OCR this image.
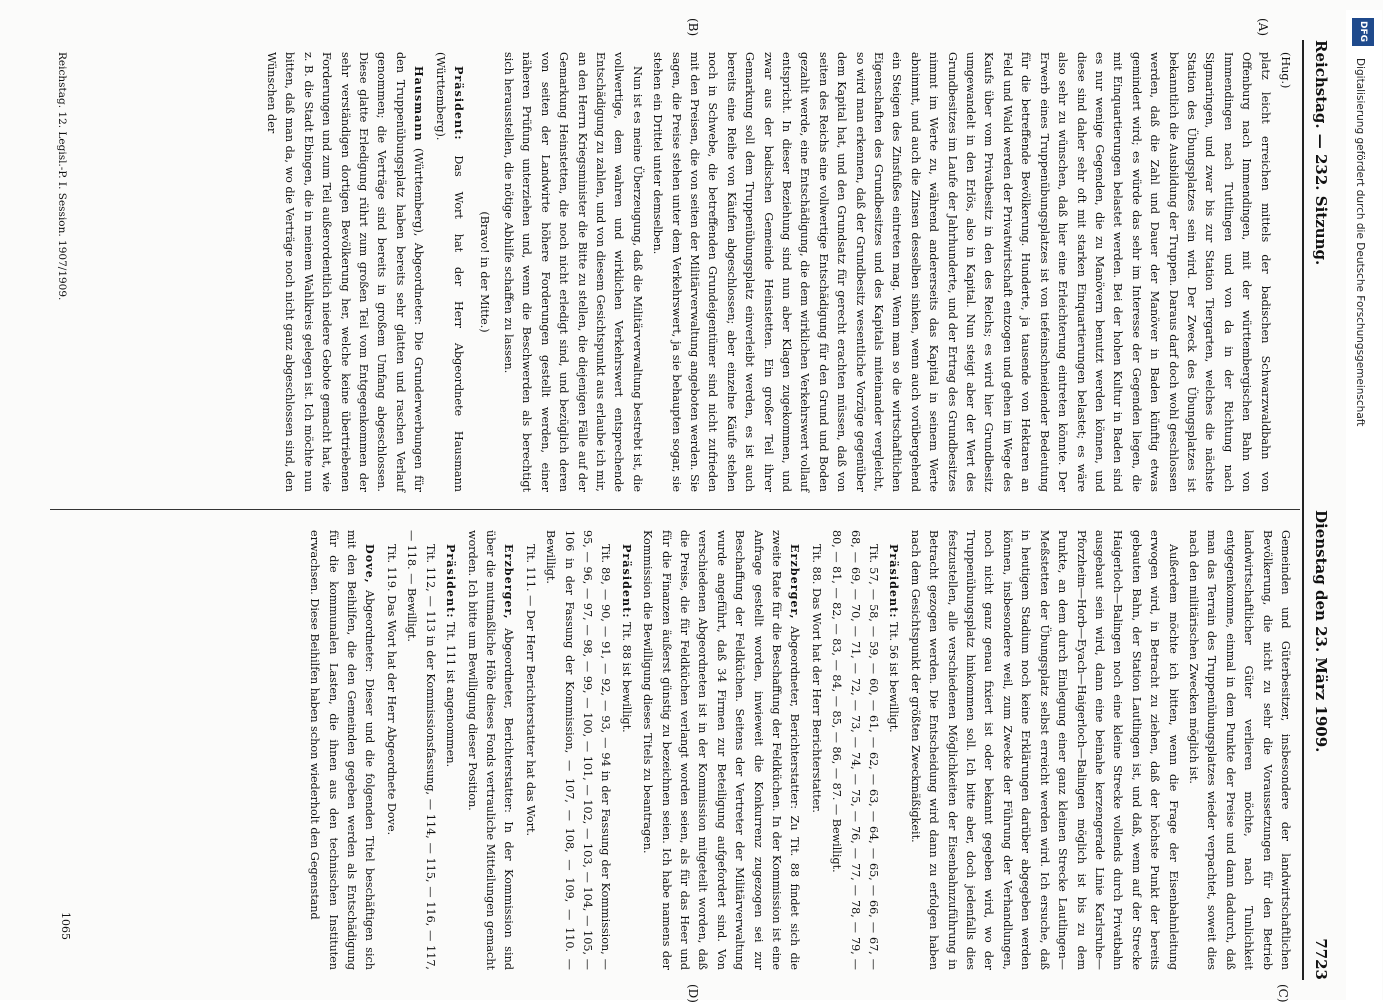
Reichstag. — 232. Sitzung.
Dienstag den 23. März 1909.
7723
(A)
(B)
(C)
(D)

(Hug.)

platz leicht erreichen mittels der badischen Schwarzwaldbahn von Offenburg nach Immendingen, mit der württembergischen Bahn von Immendingen nach Tuttlingen und von da in der Richtung nach Sigmaringen, und zwar bis zur Station Tiergarten, welches die nächste Station des Übungsplatzes sein wird. Der Zweck des Übungsplatzes ist bekanntlich die Ausbildung der Truppen. Daraus darf doch wohl geschlossen werden, daß die Zahl und Dauer der Manöver in Baden künftig etwas gemindert wird; es würde das sehr im Interesse der Gegenden liegen, die mit Einquartierungen belastet werden. Bei der hohen Kultur in Baden sind es nur wenige Gegenden, die zu Manövern benutzt werden können, und diese sind daher sehr oft mit starken Einquartierungen belastet; es wäre also sehr zu wünschen, daß hier eine Erleichterung eintreten könnte. Der Erwerb eines Truppenübungsplatzes ist von tiefeinschneidender Bedeutung für die betreffende Bevölkerung. Hunderte, ja tausende von Hektaren an Feld und Wald werden der Privatwirtschaft entzogen und gehen im Wege des Kaufs über vom Privatbesitz in den des Reichs; es wird hier Grundbesitz umgewandelt in den Erlös, also in Kapital. Nun steigt aber der Wert des Grundbesitzes im Laufe der Jahrhunderte, und der Ertrag des Grundbesitzes nimmt im Werte zu, während andererseits das Kapital in seinem Werte abnimmt, und auch die Zinsen desselben sinken, wenn auch vorübergehend ein Steigen des Zinsfußes eintreten mag. Wenn man so die wirtschaftlichen Eigenschaften des Grundbesitzes und des Kapitals miteinander vergleicht, so wird man erkennen, daß der Grundbesitz wesentliche Vorzüge gegenüber dem Kapital hat, und den Grundsatz für gerecht erachten müssen, daß von seiten des Reichs eine vollwertige Entschädigung für den Grund und Boden gezahlt werde, eine Entschädigung, die dem wirklichen Verkehrswert vollauf entspricht. In dieser Beziehung sind nun aber Klagen zugekommen, und zwar aus der badischen Gemeinde Heinstetten. Ein großer Teil ihrer Gemarkung soll dem Truppenübungsplatz einverleibt werden, es ist auch bereits eine Reihe von Käufen abgeschlossen; aber einzelne Käufe stehen noch in Schwebe, die betreffenden Grundeigentümer sind nicht zufrieden mit den Preisen, die von seiten der Militärverwaltung angeboten werden. Sie sagen, die Preise stehen unter dem Verkehrswert, ja sie behaupten sogar, sie stehen ein Drittel unter demselben.

Nun ist es meine Überzeugung, daß die Militärverwaltung bestrebt ist, die vollwertige, dem wahren und wirklichen Verkehrswert entsprechende Entschädigung zu zahlen, und von diesem Gesichtspunkt aus erlaube ich mir, an den Herrn Kriegsminister die Bitte zu stellen, die diejenigen Fälle auf der Gemarkung Heinstetten, die noch nicht erledigt sind, und bezüglich deren von seiten der Landwirte höhere Forderungen gestellt werden, einer näheren Prüfung unterziehen und, wenn die Beschwerden als berechtigt sich herausstellen, die nötige Abhilfe schaffen zu lassen.

(Bravo! in der Mitte.)

Präsident: Das Wort hat der Herr Abgeordnete Hausmann (Württemberg).

Hausmann (Württemberg), Abgeordneter: Die Grunderwerbungen für den Truppenübungsplatz haben bereits sehr glatten und raschen Verlauf genommen; die Verträge sind bereits in großem Umfang abgeschlossen. Diese glatte Erledigung rührt zum großen Teil vom Entgegenkommen der sehr verständigen dortigen Bevölkerung her, welche keine übertriebenen Forderungen und zum Teil außerordentlich niedere Gebote gemacht hat, wie z. B. die Stadt Ebingen, die in meinem Wahlkreis gelegen ist. Ich möchte nun bitten, daß man da, wo die Verträge noch nicht ganz abgeschlossen sind, den Wünschen der

Reichstag. 12. Legisl.-P. I. Session. 1907/1909.

Gemeinden und Güterbesitzer, insbesondere der landwirtschaftlichen Bevölkerung, die nicht zu sehr die Voraussetzungen für den Betrieb landwirtschaftlicher Güter verlieren möchte, nach Tunlichkeit entgegenkomme, einmal in dem Punkte der Preise und dann dadurch, daß man das Terrain des Truppenübungsplatzes wieder verpachtet, soweit dies nach den militärischen Zwecken möglich ist.

Außerdem möchte ich bitten, wenn die Frage der Eisenbahnleitung erwogen wird, in Betracht zu ziehen, daß der höchste Punkt der bereits gebauten Bahn, der Station Lautlingen ist, und daß, wenn auf der Strecke Haigerloch—Balingen noch eine kleine Strecke vollends durch Privatbahn ausgebaut sein wird, dann eine beinahe kerzengerade Linie Karlsruhe—Pforzheim—Horb—Eyach—Haigerloch—Balingen möglich ist bis zu dem Punkte, an dem durch Einlegung einer ganz kleinen Strecke Lautlingen—Meßstetten der Übungsplatz selbst erreicht werden wird. Ich ersuche, daß in heutigem Stadium noch keine Erklärungen darüber abgegeben werden können, insbesondere weil, zum Zwecke der Führung der Verhandlungen, noch nicht ganz genau fixiert ist oder bekannt gegeben wird, wo der Truppenübungsplatz hinkommen soll. Ich bitte aber, doch jedenfalls dies festzustellen, alle verschiedenen Möglichkeiten der Eisenbahnzuführung in Betracht gezogen werden. Die Entscheidung wird dann zu erfolgen haben nach dem Gesichtspunkt der größten Zweckmäßigkeit.

Präsident: Tit. 56 ist bewilligt.

Tit. 57, — 58, — 59, — 60, — 61, — 62, — 63, — 64, — 65, — 66, — 67, — 68, — 69, — 70, — 71, — 72, — 73, — 74, — 75, — 76, — 77, — 78, — 79, — 80, — 81, — 82, — 83, — 84, — 85, — 86, — 87. — Bewilligt.

Tit. 88. Das Wort hat der Herr Berichterstatter.

Erzberger, Abgeordneter, Berichterstatter: Zu Tit. 88 findet sich die zweite Rate für die Beschaffung der Feldküchen. In der Kommission ist eine Anfrage gestellt worden, inwieweit die Konkurrenz zugezogen sei zur Beschaffung der Feldküchen. Seitens der Vertreter der Militärverwaltung wurde angeführt, daß 34 Firmen zur Beteiligung aufgefordert sind. Von verschiedenen Abgeordneten ist in der Kommission mitgeteilt worden, daß die Preise, die für Feldküchen verlangt worden seien, als für das Heer und für die Finanzen äußerst günstig zu bezeichnen seien. Ich habe namens der Kommission die Bewilligung dieses Titels zu beantragen.

Präsident: Tit. 88 ist bewilligt.

Tit. 89, — 90, — 91, — 92, — 93, — 94 in der Fassung der Kommission, — 95, — 96, — 97, — 98, — 99, — 100, — 101, — 102, — 103, — 104, — 105, — 106 in der Fassung der Kommission, — 107, — 108, — 109, — 110. — Bewilligt.

Tit. 111. — Der Herr Berichterstatter hat das Wort.

Erzberger, Abgeordneter, Berichterstatter: In der Kommission sind über die mutmaßliche Höhe dieses Fonds vertrauliche Mitteilungen gemacht worden. Ich bitte um Bewilligung dieser Position.

Präsident: Tit. 111 ist angenommen.

Tit. 112, — 113 in der Kommissionsfassung, — 114, — 115, — 116, — 117, — 118. — Bewilligt.

Tit. 119. Das Wort hat der Herr Abgeordnete Dove.

Dove, Abgeordneter: Dieser und die folgenden Titel beschäftigen sich mit den Beihilfen, die den Gemeinden gegeben werden als Entschädigung für die kommunalen Lasten, die ihnen aus den technischen Instituten erwachsen. Diese Beihilfen haben schon wiederholt den Gegenstand

1065
DFG
Digitalisierung gefördert durch die Deutsche Forschungsgemeinschaft
